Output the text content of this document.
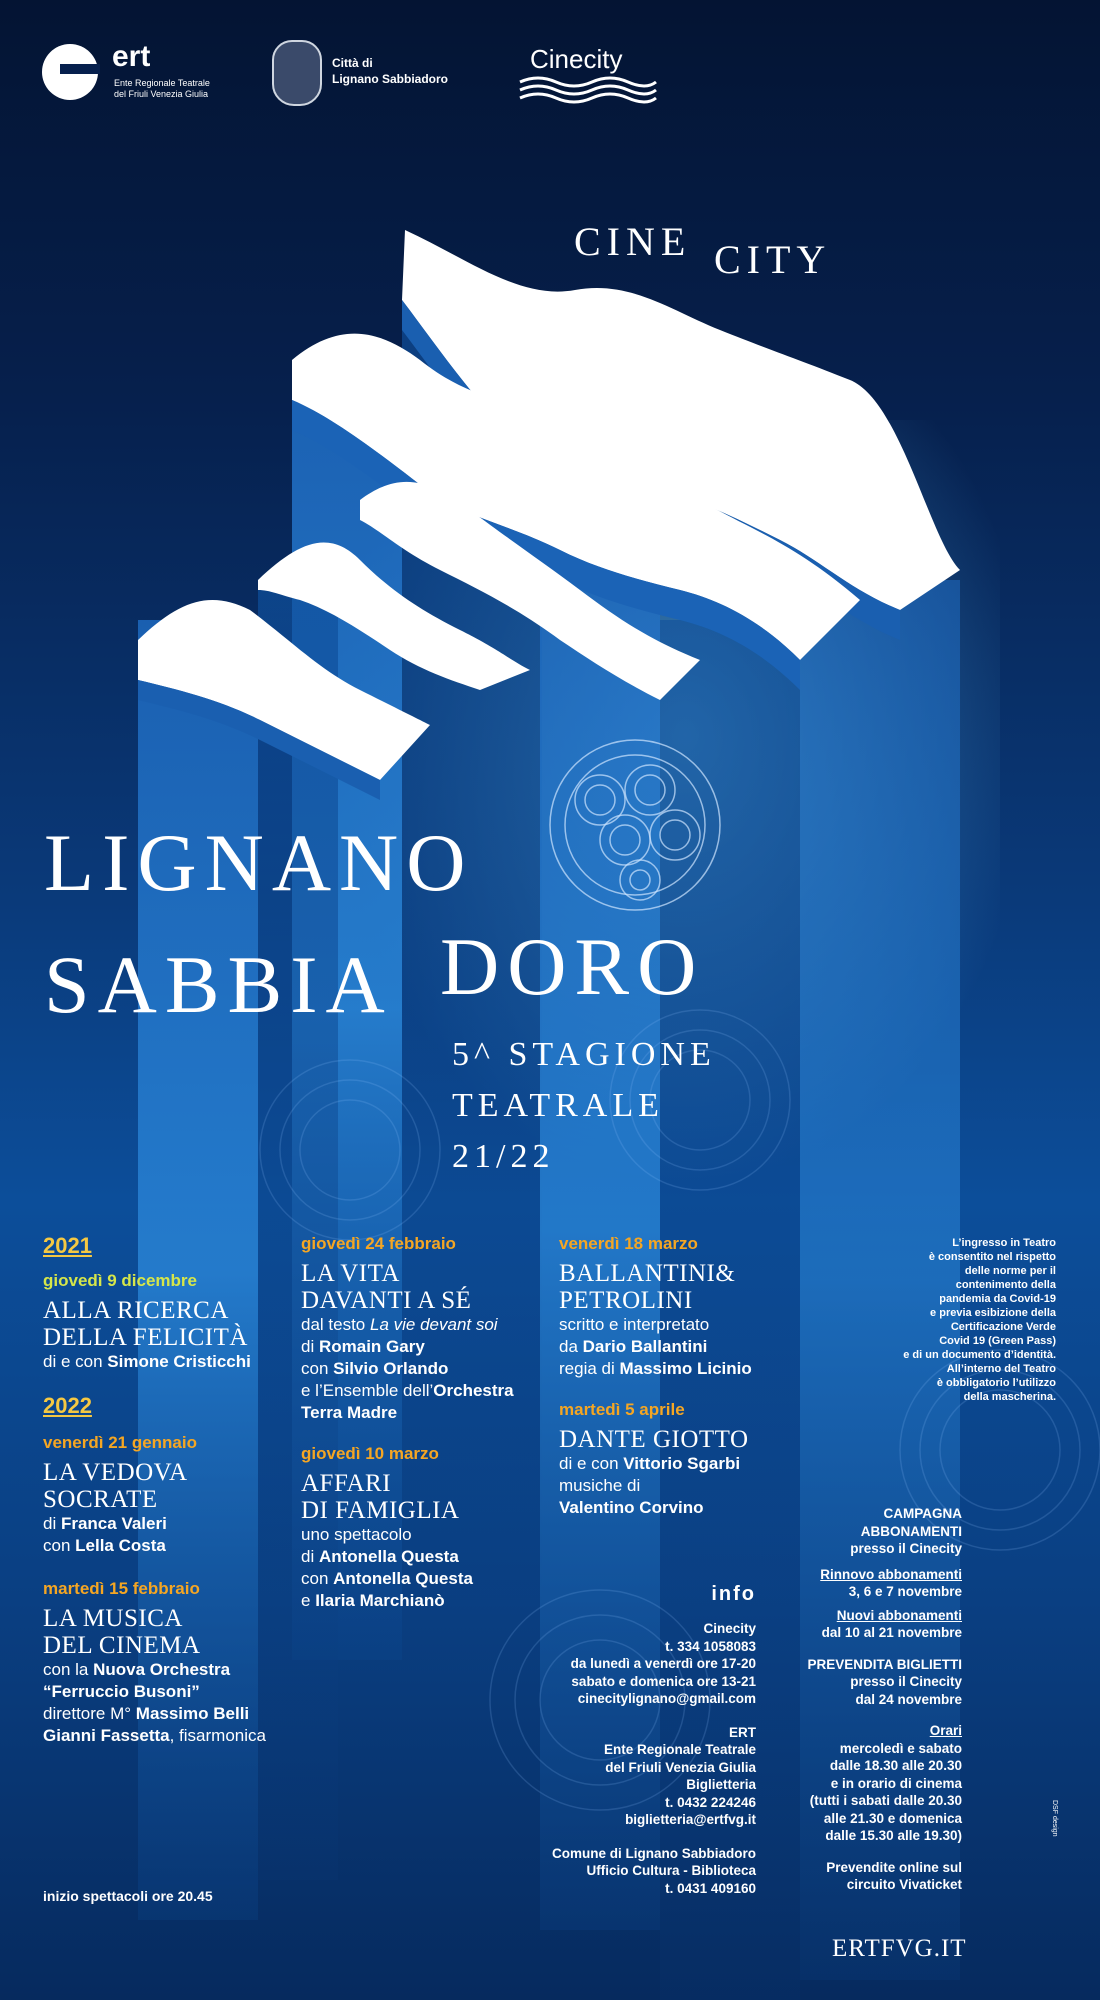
ert
Ente Regionale Teatrale
del Friuli Venezia Giulia
Città di
Lignano Sabbiadoro
Cinecity
CINE CITY
LIGNANO
SABBIA DORO
5^ STAGIONE
TEATRALE
21/22
2021
giovedì 9 dicembre
ALLA RICERCA
DELLA FELICITÀ
di e con Simone Cristicchi
2022
venerdì 21 gennaio
LA VEDOVA
SOCRATE
di Franca Valeri
con Lella Costa
martedì 15 febbraio
LA MUSICA
DEL CINEMA
con la Nuova Orchestra
“Ferruccio Busoni”
direttore M° Massimo Belli
Gianni Fassetta, fisarmonica
inizio spettacoli ore 20.45
giovedì 24 febbraio
LA VITA
DAVANTI A SÉ
dal testo La vie devant soi
di Romain Gary
con Silvio Orlando
e l’Ensemble dell’Orchestra
Terra Madre
giovedì 10 marzo
AFFARI
DI FAMIGLIA
uno spettacolo
di Antonella Questa
con Antonella Questa
e Ilaria Marchianò
venerdì 18 marzo
BALLANTINI&
PETROLINI
scritto e interpretato
da Dario Ballantini
regia di Massimo Licinio
martedì 5 aprile
DANTE GIOTTO
di e con Vittorio Sgarbi
musiche di
Valentino Corvino
L’ingresso in Teatro
è consentito nel rispetto
delle norme per il
contenimento della
pandemia da Covid-19
e previa esibizione della
Certificazione Verde
Covid 19 (Green Pass)
e di un documento d’identità.
All’interno del Teatro
è obbligatorio l’utilizzo
della mascherina.
info
Cinecity
t. 334 1058083
da lunedì a venerdì ore 17-20
sabato e domenica ore 13-21
cinecitylignano@gmail.com
ERT
Ente Regionale Teatrale
del Friuli Venezia Giulia
Biglietteria
t. 0432 224246
biglietteria@ertfvg.it
Comune di Lignano Sabbiadoro
Ufficio Cultura - Biblioteca
t. 0431 409160
CAMPAGNA
ABBONAMENTI
presso il Cinecity
Rinnovo abbonamenti
3, 6 e 7 novembre
Nuovi abbonamenti
dal 10 al 21 novembre
PREVENDITA BIGLIETTI
presso il Cinecity
dal 24 novembre
Orari
mercoledì e sabato
dalle 18.30 alle 20.30
e in orario di cinema
(tutti i sabati dalle 20.30
alle 21.30 e domenica
dalle 15.30 alle 19.30)
Prevendite online sul
circuito Vivaticket
ERTFVG.IT
DSF design
